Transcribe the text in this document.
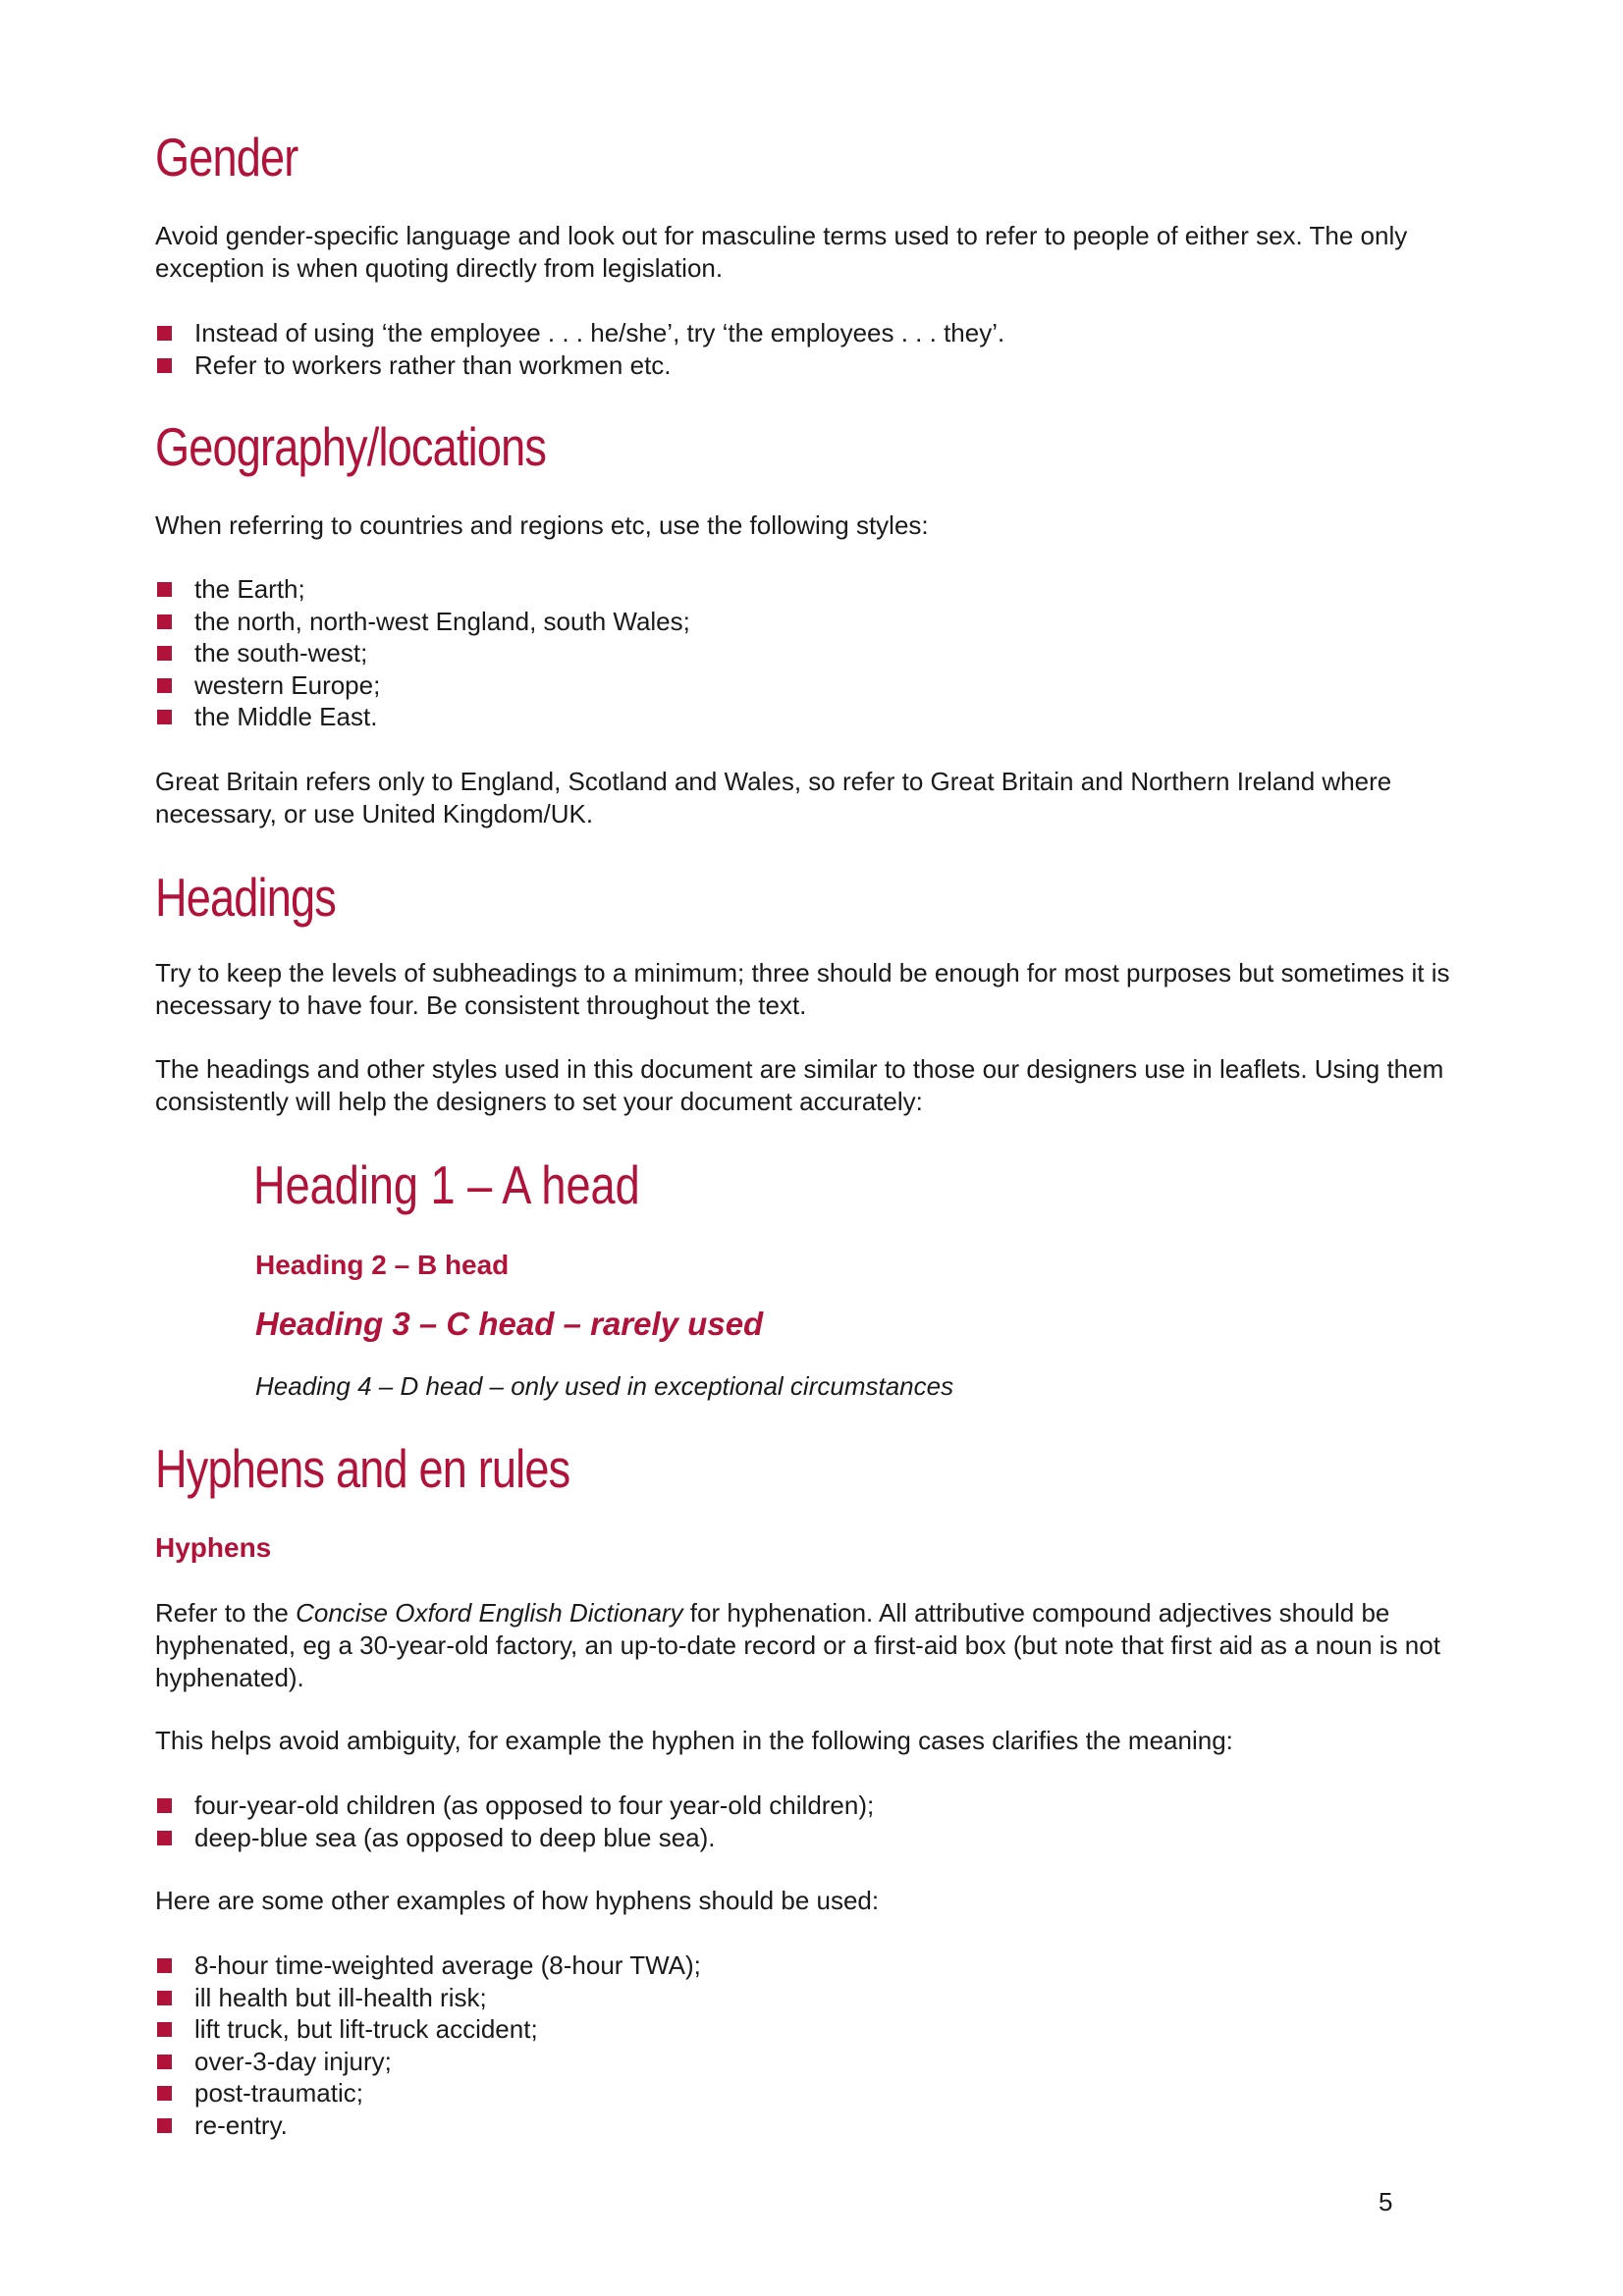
Gender

Avoid gender-specific language and look out for masculine terms used to refer to people of either sex. The only exception is when quoting directly from legislation.

Instead of using ‘the employee . . . he/she’, try ‘the employees . . . they’.
Refer to workers rather than workmen etc.
Geography/locations

When referring to countries and regions etc, use the following styles:

the Earth;
the north, north-west England, south Wales;
the south-west;
western Europe;
the Middle East.

Great Britain refers only to England, Scotland and Wales, so refer to Great Britain and Northern Ireland where necessary, or use United Kingdom/UK.

Headings

Try to keep the levels of subheadings to a minimum; three should be enough for most purposes but sometimes it is necessary to have four. Be consistent throughout the text.

The headings and other styles used in this document are similar to those our designers use in leaflets. Using them consistently will help the designers to set your document accurately:

Heading 1 – A head
Heading 2 – B head
Heading 3 – C head – rarely used
Heading 4 – D head – only used in exceptional circumstances
Hyphens and en rules
Hyphens

Refer to the Concise Oxford English Dictionary for hyphenation. All attributive compound adjectives should be hyphenated, eg a 30-year-old factory, an up-to-date record or a first-aid box (but note that first aid as a noun is not hyphenated).

This helps avoid ambiguity, for example the hyphen in the following cases clarifies the meaning:

four-year-old children (as opposed to four year-old children);
deep-blue sea (as opposed to deep blue sea).

Here are some other examples of how hyphens should be used:

8-hour time-weighted average (8-hour TWA);
ill health but ill-health risk;
lift truck, but lift-truck accident;
over-3-day injury;
post-traumatic;
re-entry.
5
